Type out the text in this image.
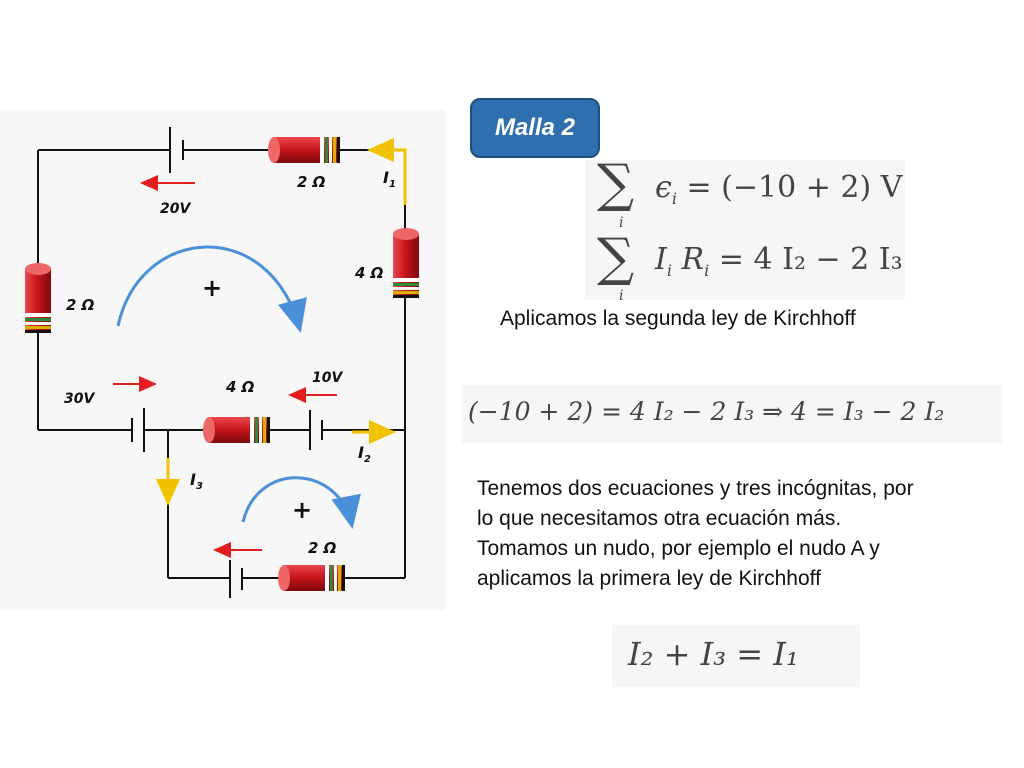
2 Ω	$I_1$
20V
4 Ω
2 Ω
+
30V
4 Ω	10V
$I_2$
$I_3$
+
2 Ω
Malla 2
∑
i
$\epsilon_i = (-10 + 2)$ V
∑
i
$I_i$ $R_i = 4$ I₂ − 2 I₃
Aplicamos la segunda ley de Kirchhoff
(−10 + 2) = 4 I₂ − 2 I₃ ⇒ 4 = I₃ − 2 I₂
Tenemos dos ecuaciones y tres incógnitas, por
lo que necesitamos otra ecuación más.
Tomamos un nudo, por ejemplo el nudo A y
aplicamos la primera ley de Kirchhoff
I₂ + I₃ = I₁
